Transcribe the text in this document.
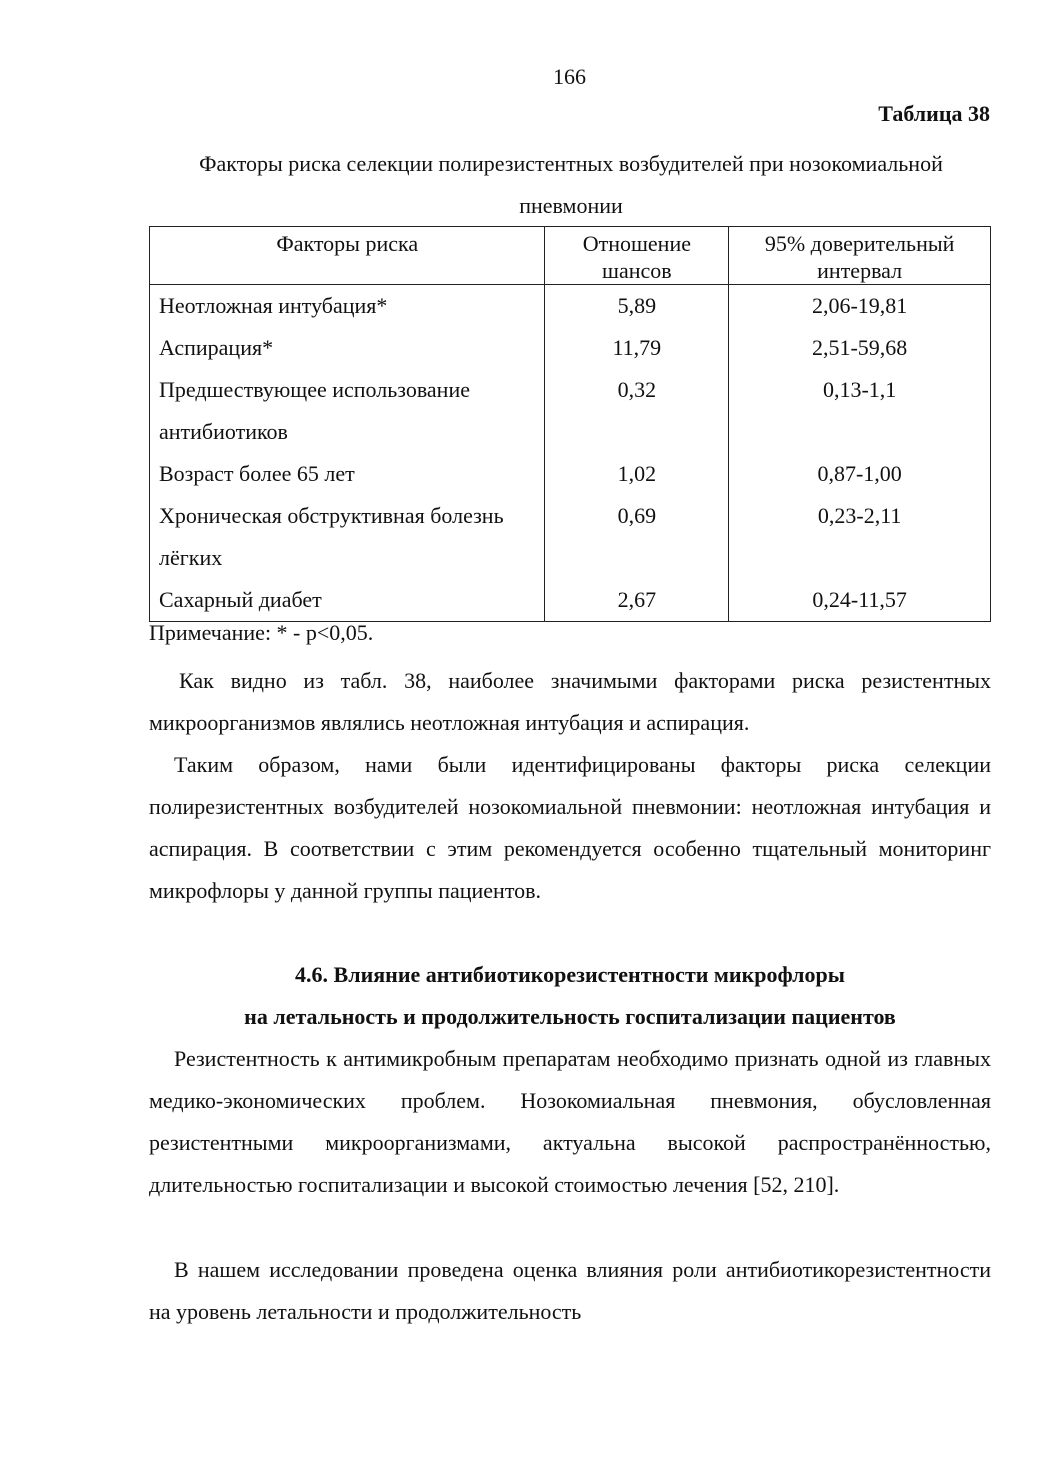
166
Таблица 38
Факторы риска селекции полирезистентных возбудителей при нозокомиальной пневмонии
Факторы риска	Отношение шансов	95% доверительный интервал
Неотложная интубация*	5,89	2,06-19,81
Аспирация*	11,79	2,51-59,68
Предшествующее использование антибиотиков	0,32	0,13-1,1
Возраст более 65 лет	1,02	0,87-1,00
Хроническая обструктивная болезнь лёгких	0,69	0,23-2,11
Сахарный диабет	2,67	0,24-11,57
Примечание: * - р<0,05.
Как видно из табл. 38, наиболее значимыми факторами риска резистентных микроорганизмов являлись неотложная интубация и аспирация.
Таким образом, нами были идентифицированы факторы риска селекции полирезистентных возбудителей нозокомиальной пневмонии: неотложная интубация и аспирация. В соответствии с этим рекомендуется особенно тщательный мониторинг микрофлоры у данной группы пациентов.
4.6. Влияние антибиотикорезистентности микрофлоры
на летальность и продолжительность госпитализации пациентов
Резистентность к антимикробным препаратам необходимо признать одной из главных медико-экономических проблем. Нозокомиальная пневмония, обусловленная резистентными микроорганизмами, актуальна высокой распространённостью, длительностью госпитализации и высокой стоимостью лечения [52, 210].
В нашем исследовании проведена оценка влияния роли антибиотикорезистентности на уровень летальности и продолжительность
